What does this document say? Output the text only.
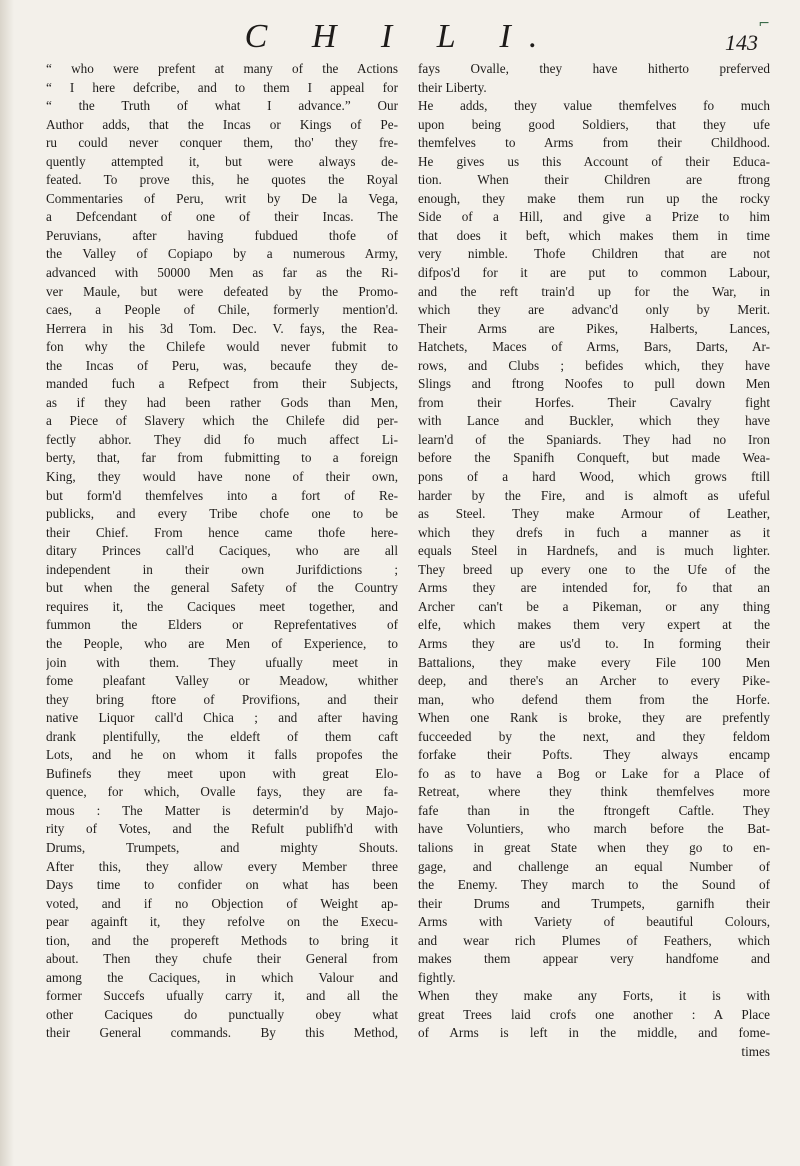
C H I L I.	143
⌐
“ who were prefent at many of the Actions
“ I here defcribe, and to them I appeal for
“ the Truth of what I advance.” Our
Author adds, that the Incas or Kings of Pe-
ru could never conquer them, tho' they fre-
quently attempted it, but were always de-
feated. To prove this, he quotes the Royal
Commentaries of Peru, writ by De la Vega,
a Defcendant of one of their Incas. The
Peruvians, after having fubdued thofe of
the Valley of Copiapo by a numerous Army,
advanced with 50000 Men as far as the Ri-
ver Maule, but were defeated by the Promo-
caes, a People of Chile, formerly mention'd.
Herrera in his 3d Tom. Dec. V. fays, the Rea-
fon why the Chilefe would never fubmit to
the Incas of Peru, was, becaufe they de-
manded fuch a Refpect from their Subjects,
as if they had been rather Gods than Men,
a Piece of Slavery which the Chilefe did per-
fectly abhor. They did fo much affect Li-
berty, that, far from fubmitting to a foreign
King, they would have none of their own,
but form'd themfelves into a fort of Re-
publicks, and every Tribe chofe one to be
their Chief. From hence came thofe here-
ditary Princes call'd Caciques, who are all
independent in their own Jurifdictions ;
but when the general Safety of the Country
requires it, the Caciques meet together, and
fummon the Elders or Reprefentatives of
the People, who are Men of Experience, to
join with them. They ufually meet in
fome pleafant Valley or Meadow, whither
they bring ftore of Provifions, and their
native Liquor call'd Chica ; and after having
drank plentifully, the eldeft of them caft
Lots, and he on whom it falls propofes the
Bufinefs they meet upon with great Elo-
quence, for which, Ovalle fays, they are fa-
mous : The Matter is determin'd by Majo-
rity of Votes, and the Refult publifh'd with
Drums, Trumpets, and mighty Shouts.
After this, they allow every Member three
Days time to confider on what has been
voted, and if no Objection of Weight ap-
pear againft it, they refolve on the Execu-
tion, and the propereft Methods to bring it
about. Then they chufe their General from
among the Caciques, in which Valour and
former Succefs ufually carry it, and all the
other Caciques do punctually obey what
their General commands. By this Method,
fays Ovalle, they have hitherto preferved
their Liberty.
He adds, they value themfelves fo much
upon being good Soldiers, that they ufe
themfelves to Arms from their Childhood.
He gives us this Account of their Educa-
tion. When their Children are ftrong
enough, they make them run up the rocky
Side of a Hill, and give a Prize to him
that does it beft, which makes them in time
very nimble. Thofe Children that are not
difpos'd for it are put to common Labour,
and the reft train'd up for the War, in
which they are advanc'd only by Merit.
Their Arms are Pikes, Halberts, Lances,
Hatchets, Maces of Arms, Bars, Darts, Ar-
rows, and Clubs ; befides which, they have
Slings and ftrong Noofes to pull down Men
from their Horfes. Their Cavalry fight
with Lance and Buckler, which they have
learn'd of the Spaniards. They had no Iron
before the Spanifh Conqueft, but made Wea-
pons of a hard Wood, which grows ftill
harder by the Fire, and is almoft as ufeful
as Steel. They make Armour of Leather,
which they drefs in fuch a manner as it
equals Steel in Hardnefs, and is much lighter.
They breed up every one to the Ufe of the
Arms they are intended for, fo that an
Archer can't be a Pikeman, or any thing
elfe, which makes them very expert at the
Arms they are us'd to. In forming their
Battalions, they make every File 100 Men
deep, and there's an Archer to every Pike-
man, who defend them from the Horfe.
When one Rank is broke, they are prefently
fucceeded by the next, and they feldom
forfake their Pofts. They always encamp
fo as to have a Bog or Lake for a Place of
Retreat, where they think themfelves more
fafe than in the ftrongeft Caftle. They
have Voluntiers, who march before the Bat-
talions in great State when they go to en-
gage, and challenge an equal Number of
the Enemy. They march to the Sound of
their Drums and Trumpets, garnifh their
Arms with Variety of beautiful Colours,
and wear rich Plumes of Feathers, which
makes them appear very handfome and
fightly.
When they make any Forts, it is with
great Trees laid crofs one another : A Place
of Arms is left in the middle, and fome-
times
